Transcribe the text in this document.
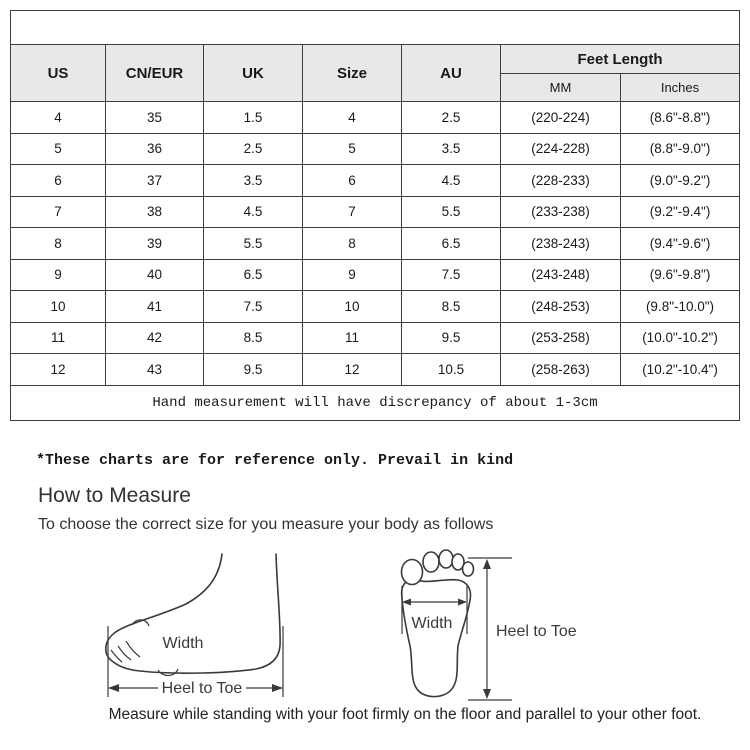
US	CN/EUR	UK	Size	AU	Feet Length	
					MM	Inches
4	35	1.5	4	2.5	(220-224)	(8.6"-8.8")
5	36	2.5	5	3.5	(224-228)	(8.8"-9.0")
6	37	3.5	6	4.5	(228-233)	(9.0"-9.2")
7	38	4.5	7	5.5	(233-238)	(9.2"-9.4")
8	39	5.5	8	6.5	(238-243)	(9.4"-9.6")
9	40	6.5	9	7.5	(243-248)	(9.6"-9.8")
10	41	7.5	10	8.5	(248-253)	(9.8"-10.0")
11	42	8.5	11	9.5	(253-258)	(10.0"-10.2")
12	43	9.5	12	10.5	(258-263)	(10.2"-10.4")
Hand measurement will have discrepancy of about 1-3cm						
*These charts are for reference only. Prevail in kind
How to Measure
To choose the correct size for you measure your body as follows
Heel to Toe
Width
Width	Heel to Toe
Measure while standing with your foot firmly on the floor and parallel to your other foot.
